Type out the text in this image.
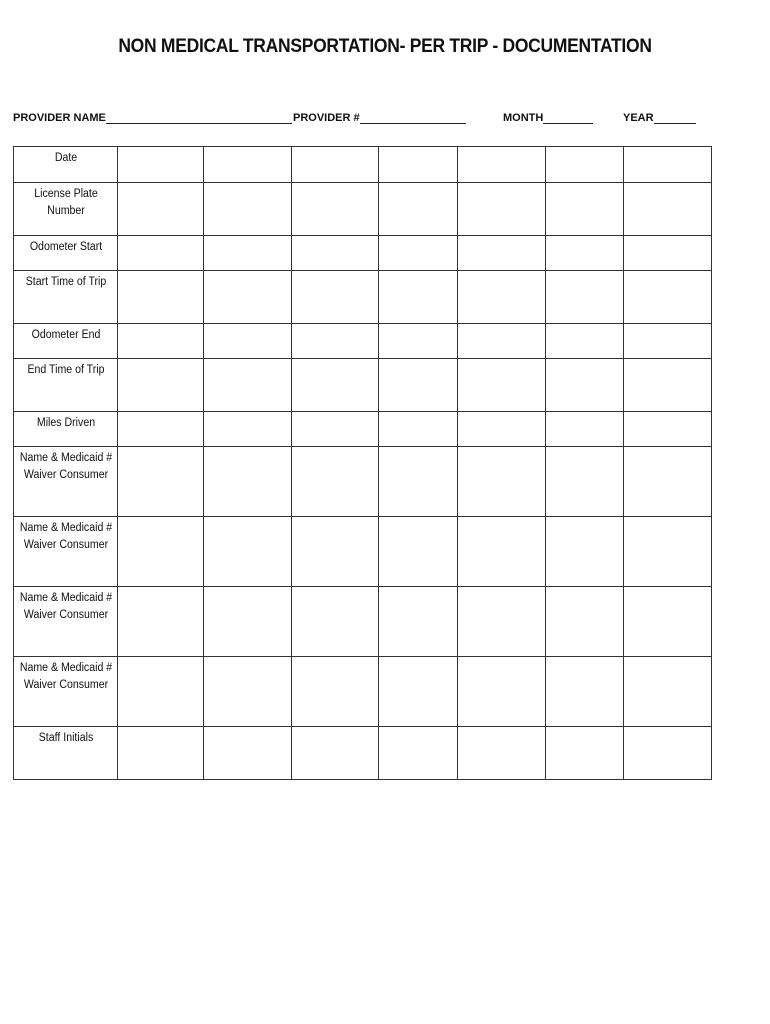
NON MEDICAL TRANSPORTATION- PER TRIP - DOCUMENTATION
PROVIDER NAME	PROVIDER #	MONTH	YEAR
Date							
License Plate
Number							
Odometer Start							
Start Time of Trip							
Odometer End							
End Time of Trip							
Miles Driven							
Name & Medicaid #
Waiver Consumer							
Name & Medicaid #
Waiver Consumer							
Name & Medicaid #
Waiver Consumer							
Name & Medicaid #
Waiver Consumer							
Staff Initials							
